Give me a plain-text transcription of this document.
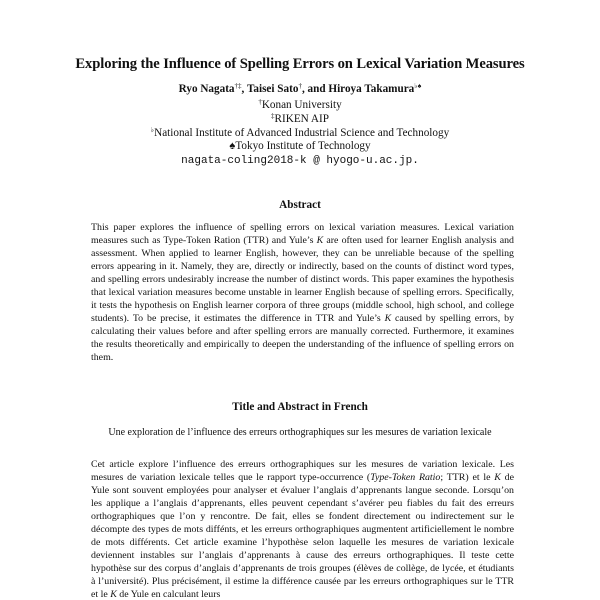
Exploring the Influence of Spelling Errors on Lexical Variation Measures
Ryo Nagata†‡, Taisei Sato†, and Hiroya Takamura♭♠
†Konan University
‡RIKEN AIP
♭National Institute of Advanced Industrial Science and Technology
♠Tokyo Institute of Technology
nagata-coling2018-k @ hyogo-u.ac.jp.
Abstract
This paper explores the influence of spelling errors on lexical variation measures. Lexical variation measures such as Type-Token Ration (TTR) and Yule’s K are often used for learner English analysis and assessment. When applied to learner English, however, they can be unreliable because of the spelling errors appearing in it. Namely, they are, directly or indirectly, based on the counts of distinct word types, and spelling errors undesirably increase the number of distinct words. This paper examines the hypothesis that lexical variation measures become unstable in learner English because of spelling errors. Specifically, it tests the hypothesis on English learner corpora of three groups (middle school, high school, and college students). To be precise, it estimates the difference in TTR and Yule’s K caused by spelling errors, by calculating their values before and after spelling errors are manually corrected. Furthermore, it examines the results theoretically and empirically to deepen the understanding of the influence of spelling errors on them.
Title and Abstract in French
Une exploration de l’influence des erreurs orthographiques sur les mesures de variation lexicale
Cet article explore l’influence des erreurs orthographiques sur les mesures de variation lexicale. Les mesures de variation lexicale telles que le rapport type-occurrence (Type-Token Ratio; TTR) et le K de Yule sont souvent employées pour analyser et évaluer l’anglais d’apprenants langue seconde. Lorsqu’on les applique a l’anglais d’apprenants, elles peuvent cependant s’avérer peu fiables du fait des erreurs orthographiques que l’on y rencontre. De fait, elles se fondent directement ou indirectement sur le décompte des types de mots diffénts, et les erreurs orthographiques augmentent artificiellement le nombre de mots différents. Cet article examine l’hypothèse selon laquelle les mesures de variation lexicale deviennent instables sur l’anglais d’apprenants à cause des erreurs orthographiques. Il teste cette hypothèse sur des corpus d’anglais d’apprenants de trois groupes (élèves de collège, de lycée, et étudiants à l’université). Plus précisément, il estime la différence causée par les erreurs orthographiques sur le TTR et le K de Yule en calculant leurs
